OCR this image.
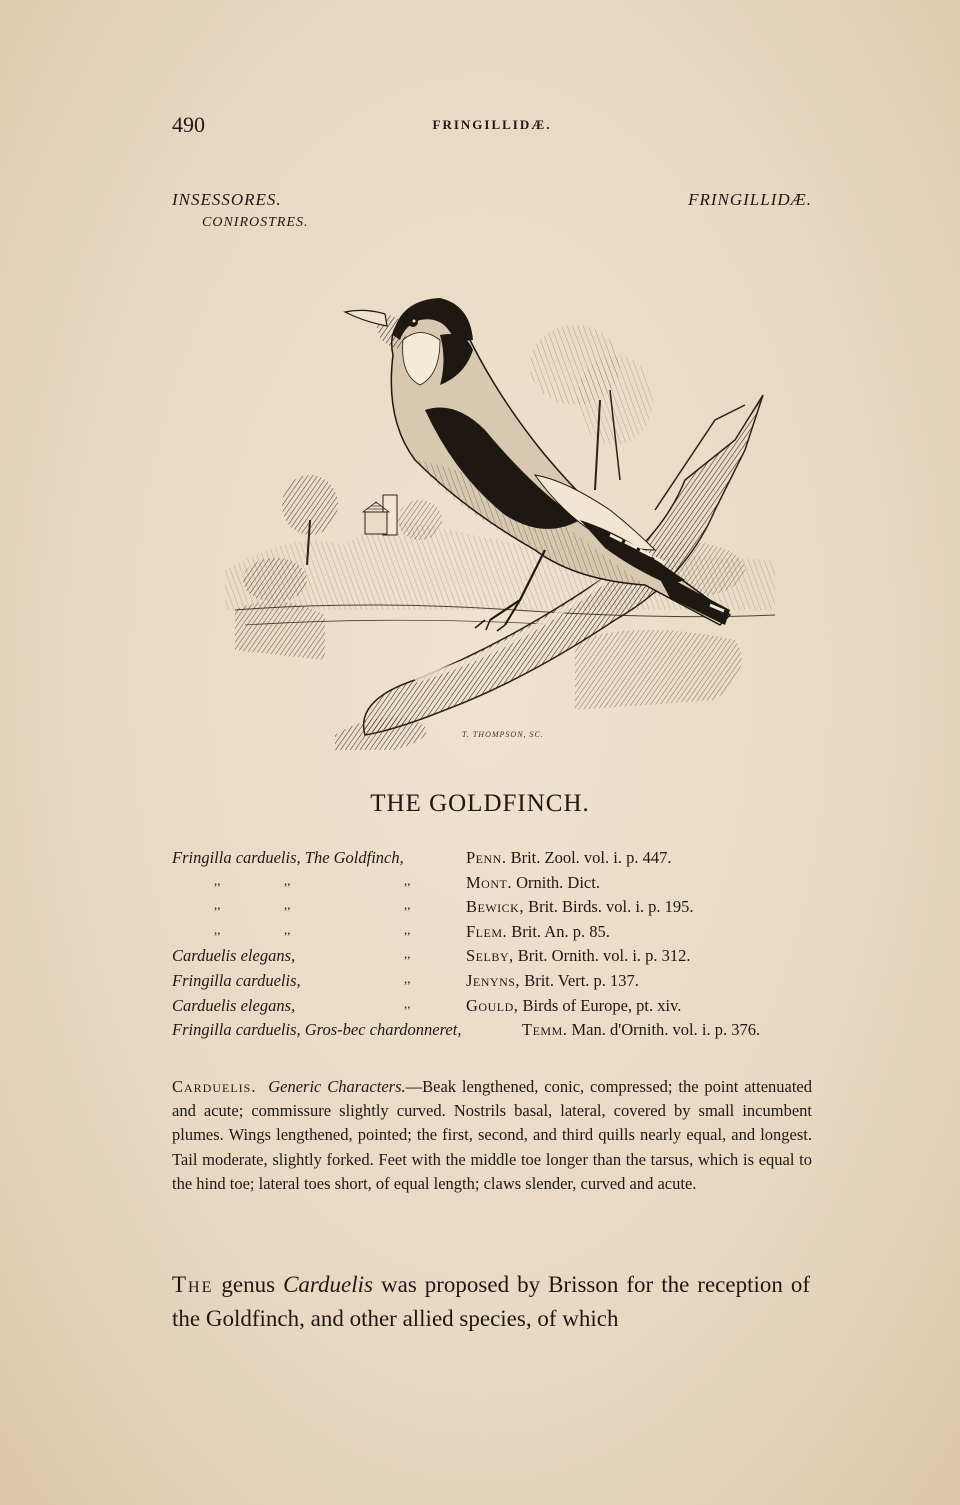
490	FRINGILLIDÆ.
INSESSORES.
CONIROSTRES.
FRINGILLIDÆ.
T. THOMPSON, SC.
THE GOLDFINCH.
Fringilla carduelis, The Goldfinch,	Penn. Brit. Zool. vol. i. p. 447.
,,	,,	,,	Mont. Ornith. Dict.
,,	,,	,,	Bewick, Brit. Birds. vol. i. p. 195.
,,	,,	,,	Flem. Brit. An. p. 85.
Carduelis elegans,	,,	Selby, Brit. Ornith. vol. i. p. 312.
Fringilla carduelis,	,,	Jenyns, Brit. Vert. p. 137.
Carduelis elegans,	,,	Gould, Birds of Europe, pt. xiv.
Fringilla carduelis, Gros-bec chardonneret,	Temm. Man. d'Ornith. vol. i. p. 376.

Carduelis. Generic Characters.—Beak lengthened, conic, compressed; the point attenuated and acute; commissure slightly curved. Nostrils basal, lateral, covered by small incumbent plumes. Wings lengthened, pointed; the first, second, and third quills nearly equal, and longest. Tail moderate, slightly forked. Feet with the middle toe longer than the tarsus, which is equal to the hind toe; lateral toes short, of equal length; claws slender, curved and acute.

The genus Carduelis was proposed by Brisson for the reception of the Goldfinch, and other allied species, of which
